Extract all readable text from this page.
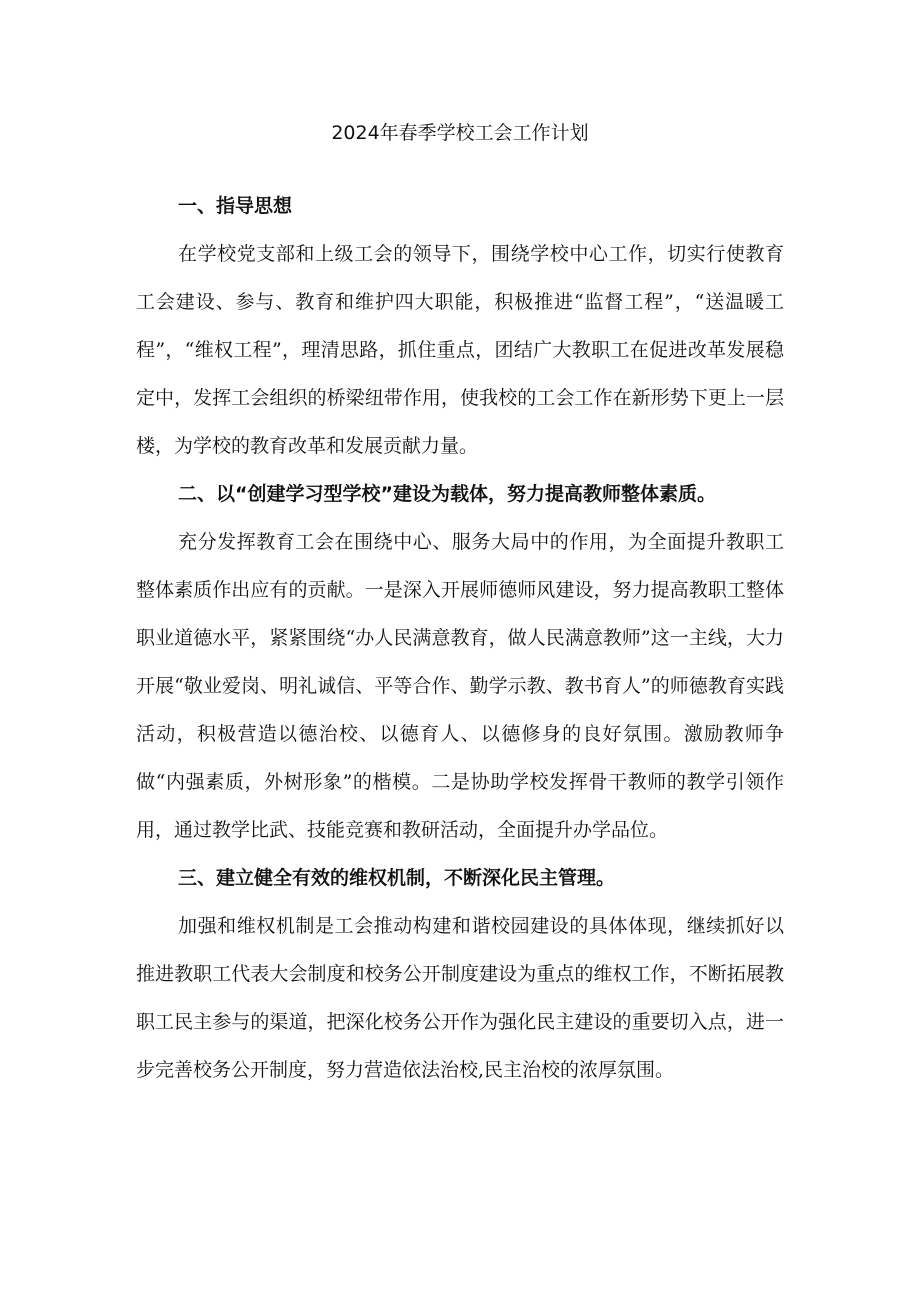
2024年春季学校工会工作计划

一、指导思想

在学校党支部和上级工会的领导下，围绕学校中心工作，切实行使教育工会建设、参与、教育和维护四大职能，积极推进“监督工程”，“送温暖工程”，“维权工程”，理清思路，抓住重点，团结广大教职工在促进改革发展稳定中，发挥工会组织的桥梁纽带作用，使我校的工会工作在新形势下更上一层楼，为学校的教育改革和发展贡献力量。

二、以“创建学习型学校”建设为载体，努力提高教师整体素质。

充分发挥教育工会在围绕中心、服务大局中的作用，为全面提升教职工整体素质作出应有的贡献。一是深入开展师德师风建设，努力提高教职工整体职业道德水平，紧紧围绕“办人民满意教育，做人民满意教师”这一主线，大力开展“敬业爱岗、明礼诚信、平等合作、勤学示教、教书育人”的师德教育实践活动，积极营造以德治校、以德育人、以德修身的良好氛围。激励教师争做“内强素质，外树形象”的楷模。二是协助学校发挥骨干教师的教学引领作用，通过教学比武、技能竞赛和教研活动，全面提升办学品位。

三、建立健全有效的维权机制，不断深化民主管理。

加强和维权机制是工会推动构建和谐校园建设的具体体现，继续抓好以推进教职工代表大会制度和校务公开制度建设为重点的维权工作，不断拓展教职工民主参与的渠道，把深化校务公开作为强化民主建设的重要切入点，进一步完善校务公开制度，努力营造依法治校,民主治校的浓厚氛围。
